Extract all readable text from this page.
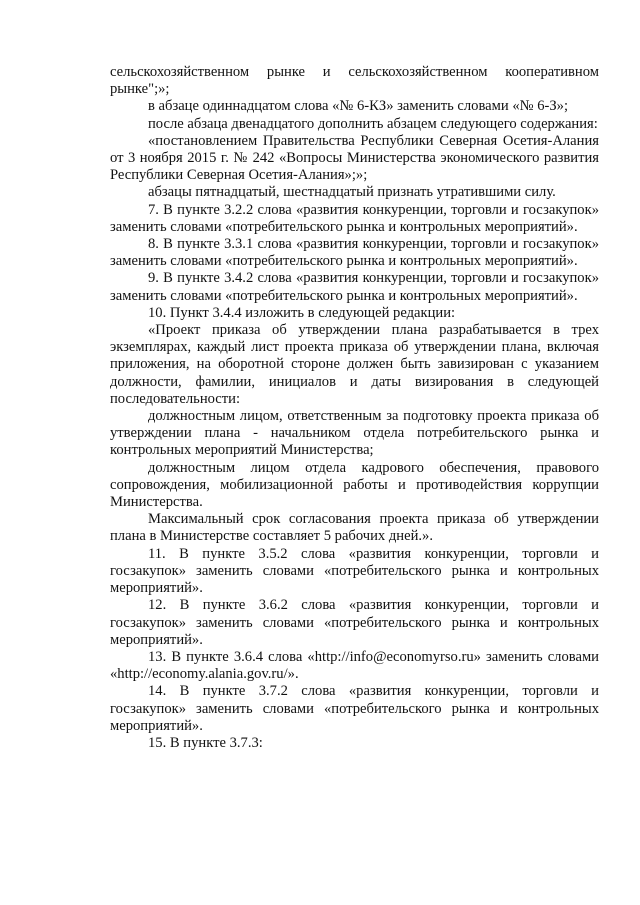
сельскохозяйственном рынке и сельскохозяйственном кооперативном рынке";»;

в абзаце одиннадцатом слова «№ 6-КЗ» заменить словами «№ 6-З»;

после абзаца двенадцатого дополнить абзацем следующего содержания:

«постановлением Правительства Республики Северная Осетия-Алания от 3 ноября 2015 г. № 242 «Вопросы Министерства экономического развития Республики Северная Осетия-Алания»;»;

абзацы пятнадцатый, шестнадцатый признать утратившими силу.

7. В пункте 3.2.2 слова «развития конкуренции, торговли и госзакупок» заменить словами «потребительского рынка и контрольных мероприятий».

8. В пункте 3.3.1 слова «развития конкуренции, торговли и госзакупок» заменить словами «потребительского рынка и контрольных мероприятий».

9. В пункте 3.4.2 слова «развития конкуренции, торговли и госзакупок» заменить словами «потребительского рынка и контрольных мероприятий».

10. Пункт 3.4.4 изложить в следующей редакции:

«Проект приказа об утверждении плана разрабатывается в трех экземплярах, каждый лист проекта приказа об утверждении плана, включая приложения, на оборотной стороне должен быть завизирован с указанием должности, фамилии, инициалов и даты визирования в следующей последовательности:

должностным лицом, ответственным за подготовку проекта приказа об утверждении плана - начальником отдела потребительского рынка и контрольных мероприятий Министерства;

должностным лицом отдела кадрового обеспечения, правового сопровождения, мобилизационной работы и противодействия коррупции Министерства.

Максимальный срок согласования проекта приказа об утверждении плана в Министерстве составляет 5 рабочих дней.».

11. В пункте 3.5.2 слова «развития конкуренции, торговли и госзакупок» заменить словами «потребительского рынка и контрольных мероприятий».

12. В пункте 3.6.2 слова «развития конкуренции, торговли и госзакупок» заменить словами «потребительского рынка и контрольных мероприятий».

13. В пункте 3.6.4 слова «http://info@economyrso.ru» заменить словами «http://economy.alania.gov.ru/».

14. В пункте 3.7.2 слова «развития конкуренции, торговли и госзакупок» заменить словами «потребительского рынка и контрольных мероприятий».

15. В пункте 3.7.3:
